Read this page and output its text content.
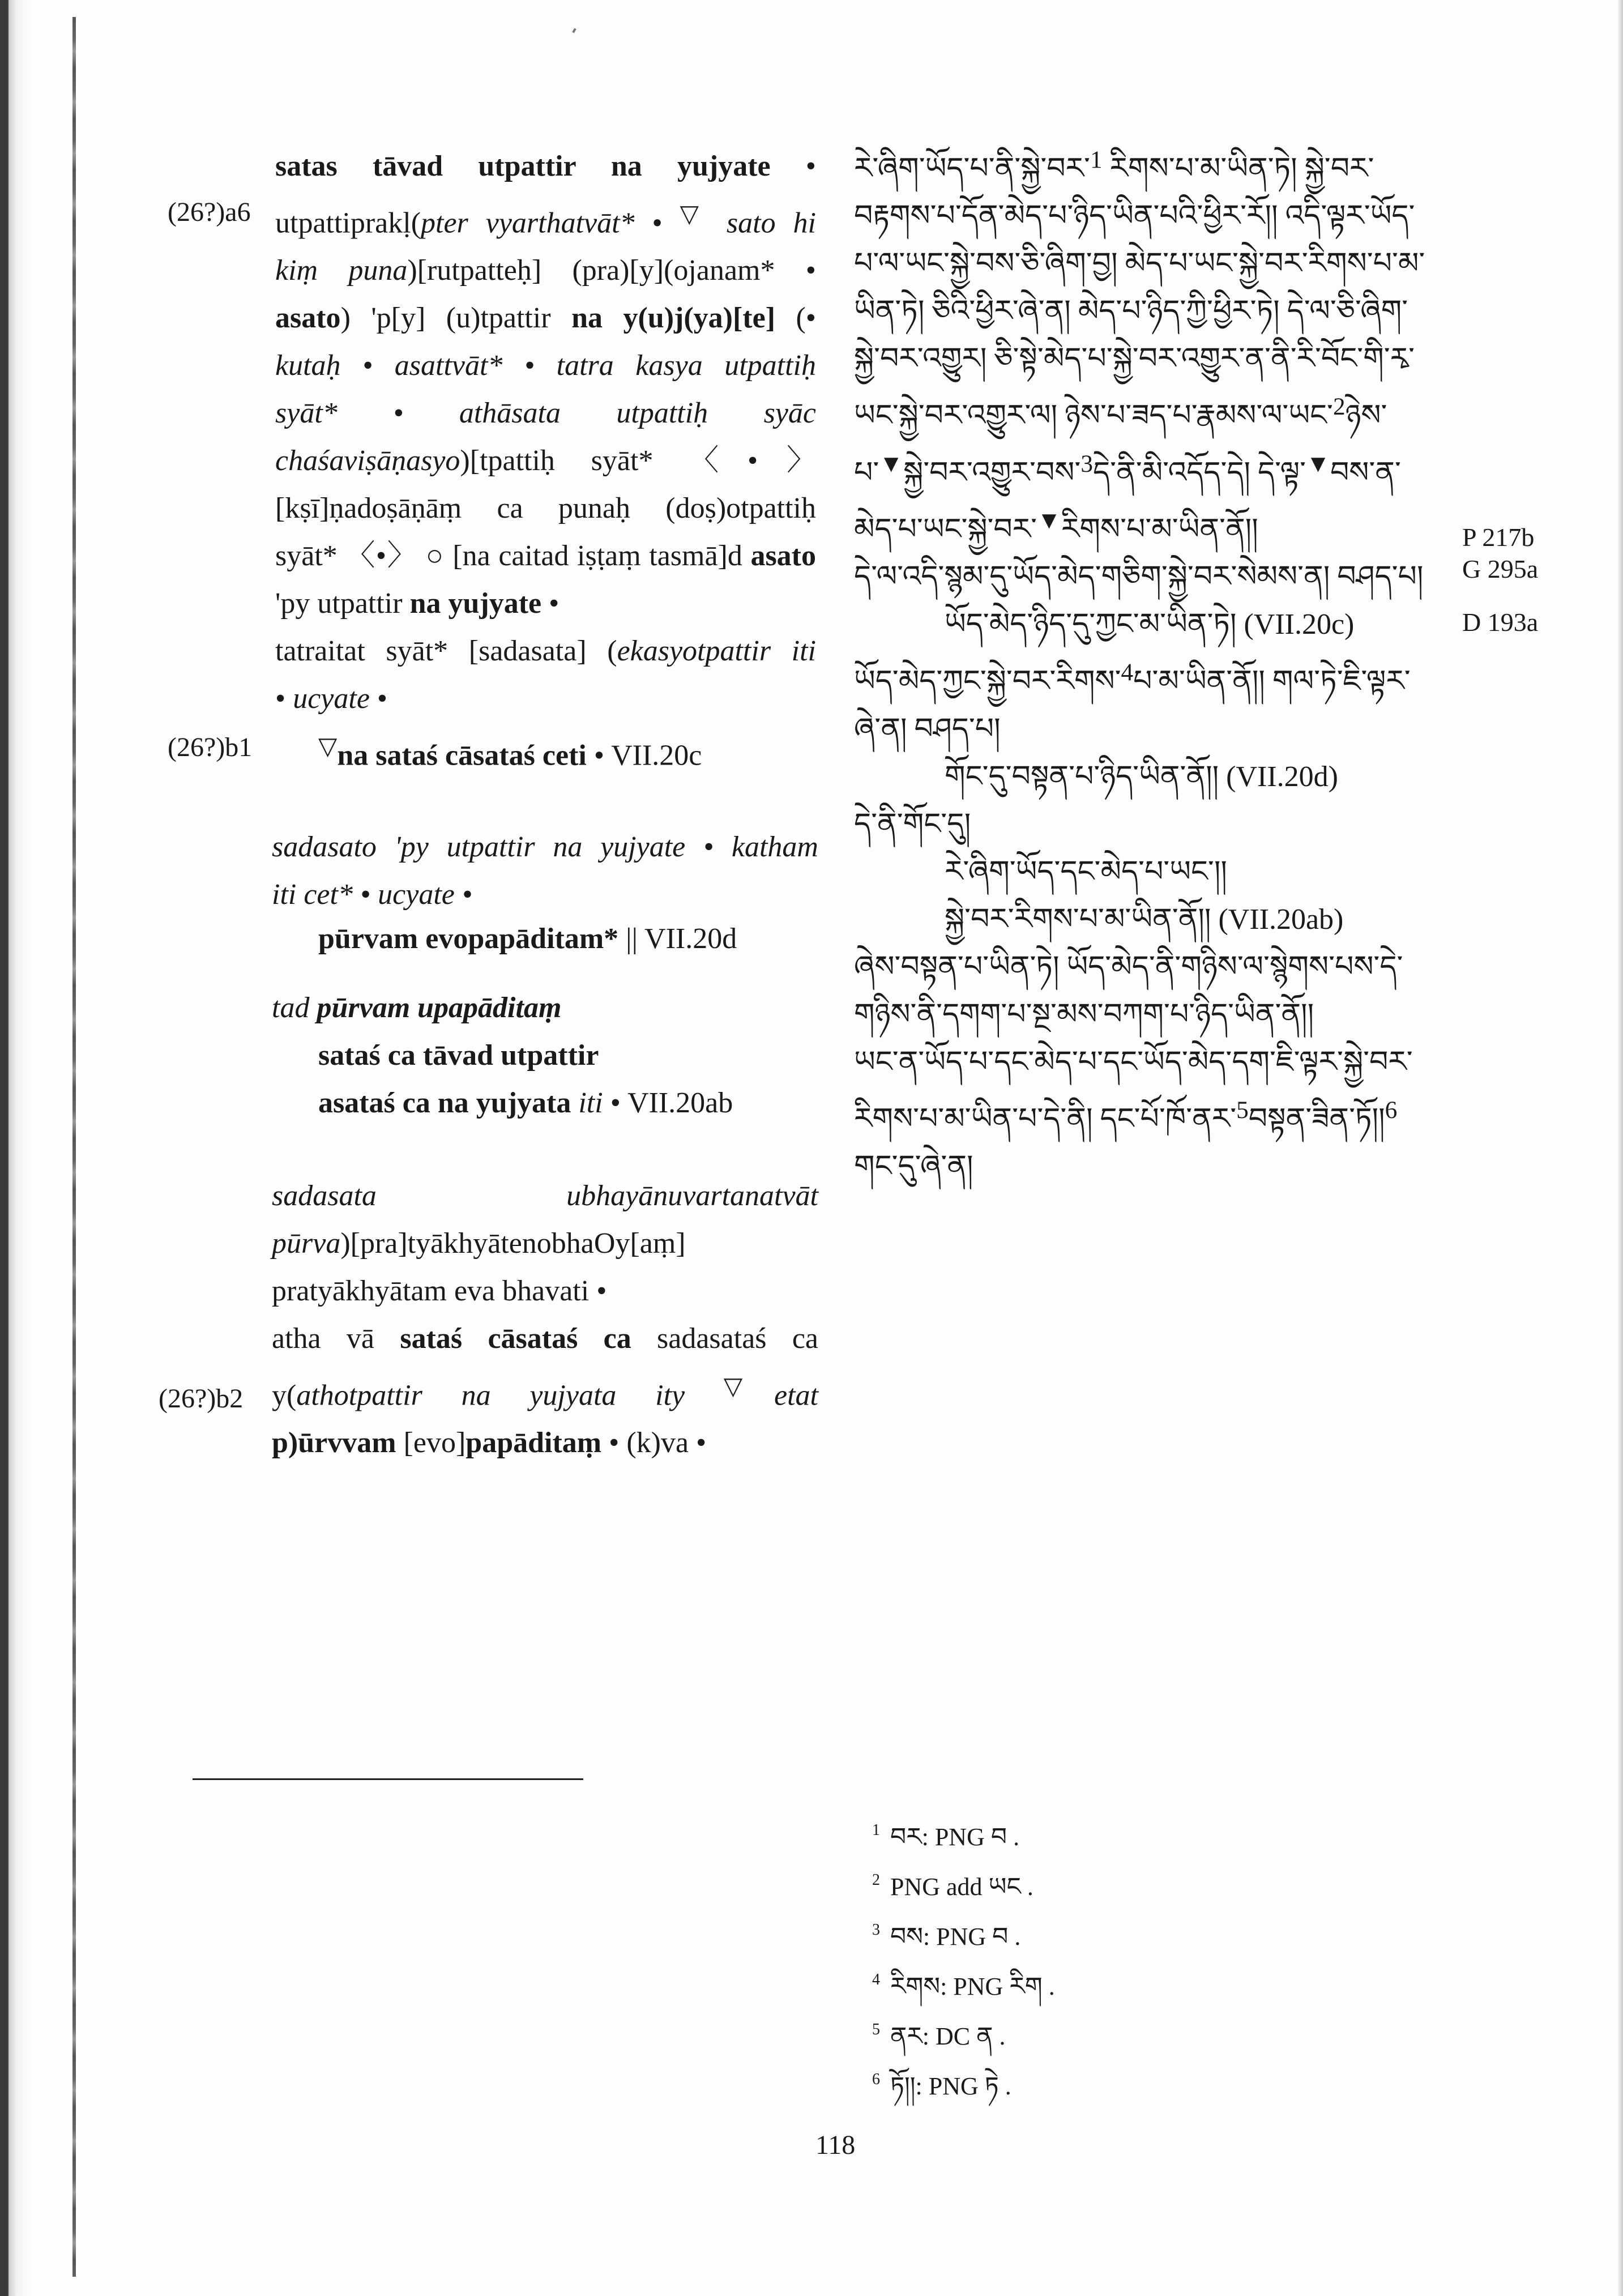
(26?)a6
(26?)b1
(26?)b2
satas tāvad utpattir na yujyate •
utpattiprakḷ(pter vyarthatvāt* • ▽ sato hi
kiṃ puna)[rutpatteḥ] (pra)[y](ojanam* •
asato) 'p[y] (u)tpattir na y(u)j(ya)[te] (•
kutaḥ • asattvāt* • tatra kasya utpattiḥ
syāt* • athāsata utpattiḥ syāc
chaśaviṣāṇasyo)[tpattiḥ syāt* 〈•〉
[kṣī]ṇadoṣāṇāṃ ca punaḥ (doṣ)otpattiḥ
syāt* 〈•〉 ○ [na caitad iṣṭaṃ tasmā]d asato
'py utpattir na yujyate •
tatraitat syāt* [sadasata] (ekasyotpattir iti
• ucyate •
▽na sataś cāsataś ceti • VII.20c
sadasato 'py utpattir na yujyate • katham
iti cet* • ucyate •
pūrvam evopapāditam* || VII.20d
tad pūrvam upapāditaṃ
sataś ca tāvad utpattir
asataś ca na yujyata iti • VII.20ab
sadasata ubhayānuvartanatvāt
pūrva)[pra]tyākhyātenobhaOy[aṃ]
pratyākhyātam eva bhavati •
atha vā sataś cāsataś ca sadasataś ca
y(athotpattir na yujyata ity ▽etat
p)ūrvvam [evo]papāditaṃ • (k)va •
རེ་ཞིག་ཡོད་པ་ནི་སྐྱེ་བར་$^1$ རིགས་པ་མ་ཡིན་ཏེ། སྐྱེ་བར་
བརྟགས་པ་དོན་མེད་པ་ཉིད་ཡིན་པའི་ཕྱིར་རོ།། འདི་ལྟར་ཡོད་
པ་ལ་ཡང་སྐྱེ་བས་ཅི་ཞིག་བྱ། མེད་པ་ཡང་སྐྱེ་བར་རིགས་པ་མ་
ཡིན་ཏེ། ཅིའི་ཕྱིར་ཞེ་ན། མེད་པ་ཉིད་ཀྱི་ཕྱིར་ཏེ། དེ་ལ་ཅི་ཞིག་
སྐྱེ་བར་འགྱུར། ཅི་སྟེ་མེད་པ་སྐྱེ་བར་འགྱུར་ན་ནི་རི་བོང་གི་རྭ་
ཡང་སྐྱེ་བར་འགྱུར་ལ། ཉེས་པ་ཟད་པ་རྣམས་ལ་ཡང་$^2$ཉེས་
པ་▼སྐྱེ་བར་འགྱུར་བས་$^3$དེ་ནི་མི་འདོད་དེ། དེ་ལྟ་▼བས་ན་
མེད་པ་ཡང་སྐྱེ་བར་▼རིགས་པ་མ་ཡིན་ནོ།།
དེ་ལ་འདི་སྙམ་དུ་ཡོད་མེད་གཅིག་སྐྱེ་བར་སེམས་ན། བཤད་པ།
ཡོད་མེད་ཉིད་དུ་ཀྱང་མ་ཡིན་ཏེ། (VII.20c)
ཡོད་མེད་ཀྱང་སྐྱེ་བར་རིགས་$^4$པ་མ་ཡིན་ནོ།། གལ་ཏེ་ཇི་ལྟར་
ཞེ་ན། བཤད་པ།
གོང་དུ་བསྟན་པ་ཉིད་ཡིན་ནོ།། (VII.20d)
དེ་ནི་གོང་དུ།
རེ་ཞིག་ཡོད་དང་མེད་པ་ཡང་།།
སྐྱེ་བར་རིགས་པ་མ་ཡིན་ནོ།། (VII.20ab)
ཞེས་བསྟན་པ་ཡིན་ཏེ། ཡོད་མེད་ནི་གཉིས་ལ་སྙེགས་པས་དེ་
གཉིས་ནི་དགག་པ་སྔ་མས་བཀག་པ་ཉིད་ཡིན་ནོ།།
ཡང་ན་ཡོད་པ་དང་མེད་པ་དང་ཡོད་མེད་དག་ཇི་ལྟར་སྐྱེ་བར་
རིགས་པ་མ་ཡིན་པ་དེ་ནི། དང་པོ་ཁོ་ནར་$^5$བསྟན་ཟིན་ཏོ།།$^6$
གང་དུ་ཞེ་ན།
P 217b
G 295a
D 193a
$^1$ བར: PNG བ .
$^2$ PNG add ཡང .
$^3$ བས: PNG བ .
$^4$ རིགས: PNG རིག .
$^5$ ནར: DC ན .
$^6$ ཏོ།།: PNG ཏེ .
118
